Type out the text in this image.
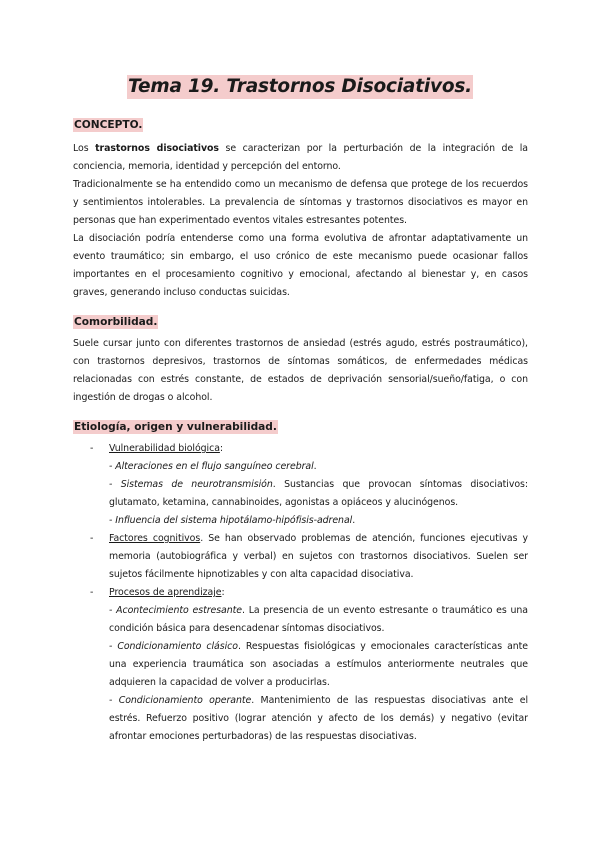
Tema 19. Trastornos Disociativos.
CONCEPTO.

Los trastornos disociativos se caracterizan por la perturbación de la integración de la conciencia, memoria, identidad y percepción del entorno.

Tradicionalmente se ha entendido como un mecanismo de defensa que protege de los recuerdos y sentimientos intolerables. La prevalencia de síntomas y trastornos disociativos es mayor en personas que han experimentado eventos vitales estresantes potentes.

La disociación podría entenderse como una forma evolutiva de afrontar adaptativamente un evento traumático; sin embargo, el uso crónico de este mecanismo puede ocasionar fallos importantes en el procesamiento cognitivo y emocional, afectando al bienestar y, en casos graves, generando incluso conductas suicidas.

Comorbilidad.

Suele cursar junto con diferentes trastornos de ansiedad (estrés agudo, estrés postraumático), con trastornos depresivos, trastornos de síntomas somáticos, de enfermedades médicas relacionadas con estrés constante, de estados de deprivación sensorial/sueño/fatiga, o con ingestión de drogas o alcohol.

Etiología, origen y vulnerabilidad.
- Vulnerabilidad biológica:

- Alteraciones en el flujo sanguíneo cerebral.

- Sistemas de neurotransmisión. Sustancias que provocan síntomas disociativos: glutamato, ketamina, cannabinoides, agonistas a opiáceos y alucinógenos.

- Influencia del sistema hipotálamo-hipófisis-adrenal.

- Factores cognitivos. Se han observado problemas de atención, funciones ejecutivas y memoria (autobiográfica y verbal) en sujetos con trastornos disociativos. Suelen ser sujetos fácilmente hipnotizables y con alta capacidad disociativa.

- Procesos de aprendizaje:

- Acontecimiento estresante. La presencia de un evento estresante o traumático es una condición básica para desencadenar síntomas disociativos.

- Condicionamiento clásico. Respuestas fisiológicas y emocionales características ante una experiencia traumática son asociadas a estímulos anteriormente neutrales que adquieren la capacidad de volver a producirlas.

- Condicionamiento operante. Mantenimiento de las respuestas disociativas ante el estrés. Refuerzo positivo (lograr atención y afecto de los demás) y negativo (evitar afrontar emociones perturbadoras) de las respuestas disociativas.
